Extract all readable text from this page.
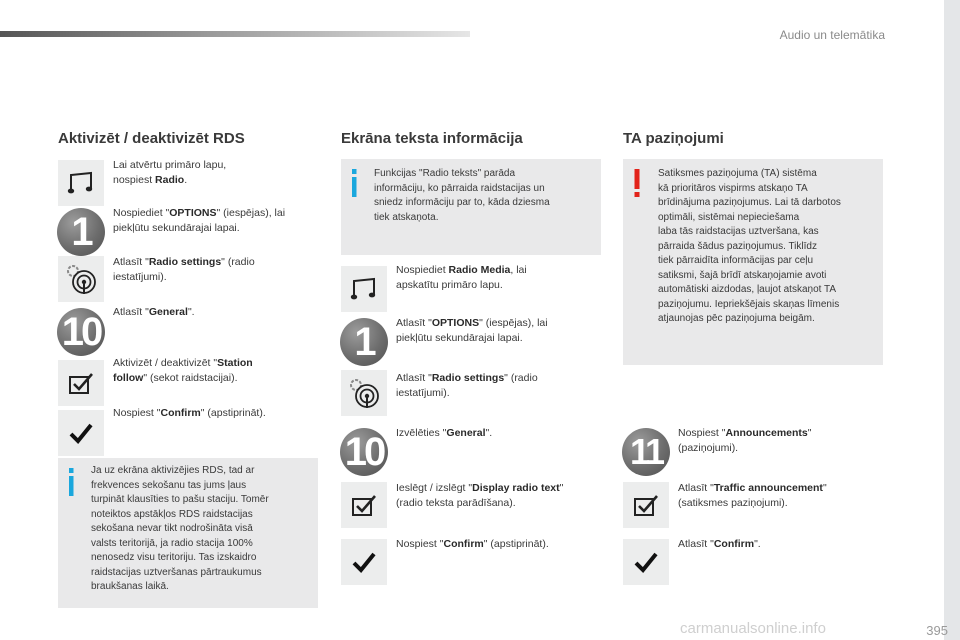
Audio un telemātika
Aktivizēt / deaktivizēt RDS
Lai atvērtu primāro lapu,
nospiest Radio.
1	Nospiediet "OPTIONS" (iespējas), lai
piekļūtu sekundārajai lapai.
Atlasīt "Radio settings" (radio
iestatījumi).
10	Atlasīt "General".
Aktivizēt / deaktivizēt "Station
follow" (sekot raidstacijai).
Nospiest "Confirm" (apstiprināt).
Ja uz ekrāna aktivizējies RDS, tad ar
frekvences sekošanu tas jums ļaus
turpināt klausīties to pašu staciju. Tomēr
noteiktos apstākļos RDS raidstacijas
sekošana nevar tikt nodrošināta visā
valsts teritorijā, ja radio stacija 100%
nenosedz visu teritoriju. Tas izskaidro
raidstacijas uztveršanas pārtraukumus
braukšanas laikā.
Ekrāna teksta informācija
Funkcijas "Radio teksts" parāda
informāciju, ko pārraida raidstacijas un
sniedz informāciju par to, kāda dziesma
tiek atskaņota.
Nospiediet Radio Media, lai
apskatītu primāro lapu.
1	Atlasīt "OPTIONS" (iespējas), lai
piekļūtu sekundārajai lapai.
Atlasīt "Radio settings" (radio
iestatījumi).
10	Izvēlēties "General".
Ieslēgt / izslēgt "Display radio text"
(radio teksta parādīšana).
Nospiest "Confirm" (apstiprināt).
TA paziņojumi
Satiksmes paziņojuma (TA) sistēma
kā prioritāros vispirms atskaņo TA
brīdinājuma paziņojumus. Lai tā darbotos
optimāli, sistēmai nepieciešama
laba tās raidstacijas uztveršana, kas
pārraida šādus paziņojumus. Tiklīdz
tiek pārraidīta informācijas par ceļu
satiksmi, šajā brīdī atskaņojamie avoti
automātiski aizdodas, ļaujot atskaņot TA
paziņojumu. Iepriekšējais skaņas līmenis
atjaunojas pēc paziņojuma beigām.
11	Nospiest "Announcements"
(paziņojumi).
Atlasīt "Traffic announcement"
(satiksmes paziņojumi).
Atlasīt "Confirm".
carmanualsonline.info	395
